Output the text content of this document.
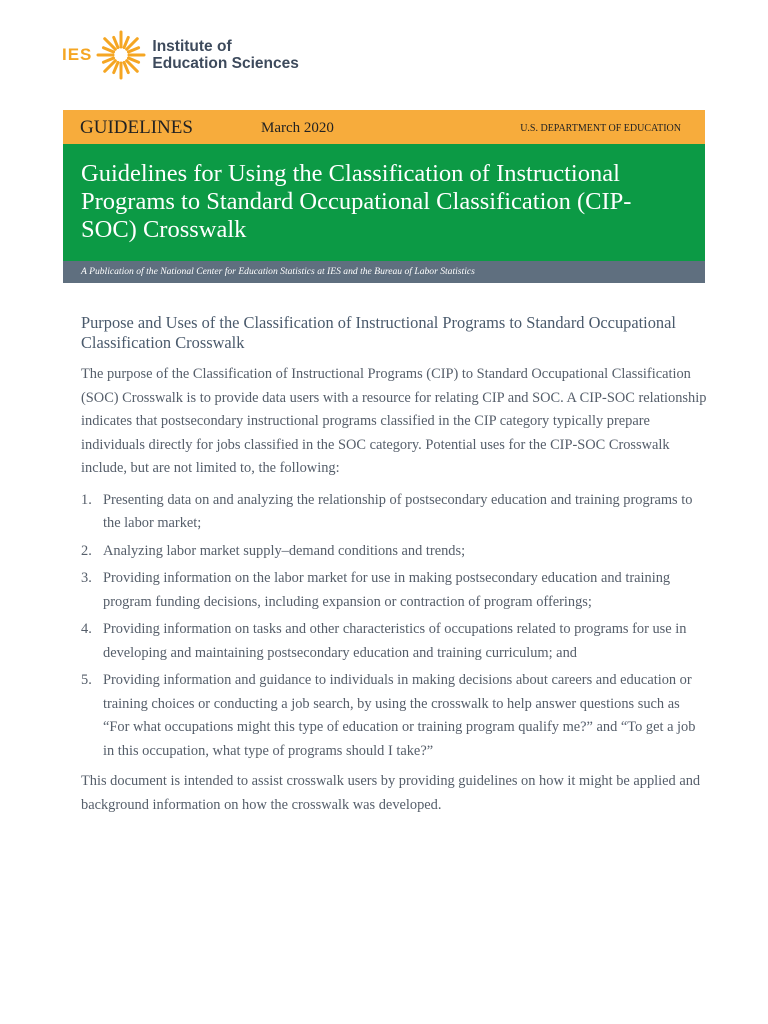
IES	Institute of
Education Sciences
GUIDELINES	March 2020	U.S. DEPARTMENT OF EDUCATION
Guidelines for Using the Classification of Instructional Programs to Standard Occupational Classification (CIP-SOC) Crosswalk
A Publication of the National Center for Education Statistics at IES and the Bureau of Labor Statistics
Purpose and Uses of the Classification of Instructional Programs to Standard Occupational Classification Crosswalk

The purpose of the Classification of Instructional Programs (CIP) to Standard Occupational Classification (SOC) Crosswalk is to provide data users with a resource for relating CIP and SOC. A CIP-SOC relationship indicates that postsecondary instructional programs classified in the CIP category typically prepare individuals directly for jobs classified in the SOC category. Potential uses for the CIP-SOC Crosswalk include, but are not limited to, the following:

1. Presenting data on and analyzing the relationship of postsecondary education and training programs to the labor market;
2. Analyzing labor market supply–demand conditions and trends;
3. Providing information on the labor market for use in making postsecondary education and training program funding decisions, including expansion or contraction of program offerings;
4. Providing information on tasks and other characteristics of occupations related to programs for use in developing and maintaining postsecondary education and training curriculum; and
5. Providing information and guidance to individuals in making decisions about careers and education or training choices or conducting a job search, by using the crosswalk to help answer questions such as “For what occupations might this type of education or training program qualify me?” and “To get a job in this occupation, what type of programs should I take?”

This document is intended to assist crosswalk users by providing guidelines on how it might be applied and background information on how the crosswalk was developed.
